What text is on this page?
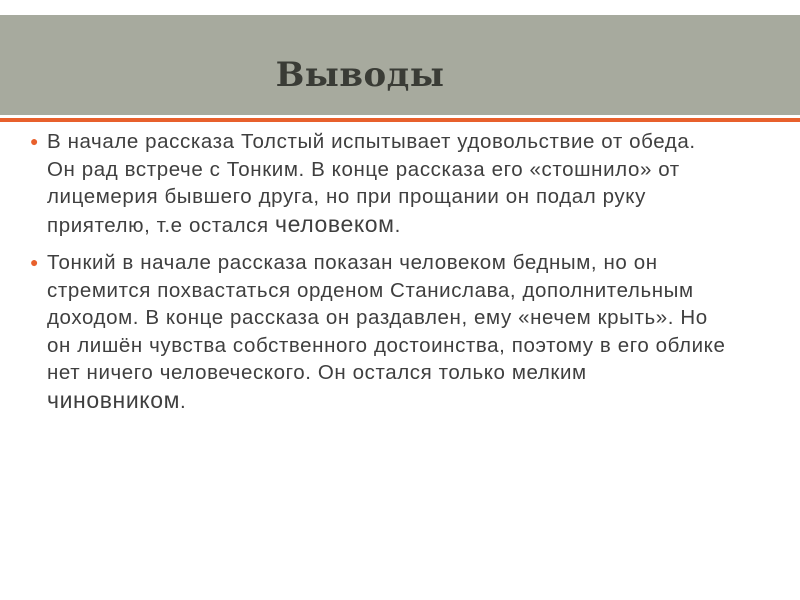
Выводы
● В начале рассказа Толстый испытывает удовольствие от обеда. Он рад встрече с Тонким. В конце рассказа его «стошнило» от лицемерия бывшего друга, но при прощании он подал руку приятелю, т.е остался человеком.
● Тонкий в начале рассказа показан человеком бедным, но он стремится похвастаться орденом Станислава, дополнительным доходом. В конце рассказа он раздавлен, ему «нечем крыть». Но он лишён чувства собственного достоинства, поэтому в его облике нет ничего человеческого. Он остался только мелким чиновником.
